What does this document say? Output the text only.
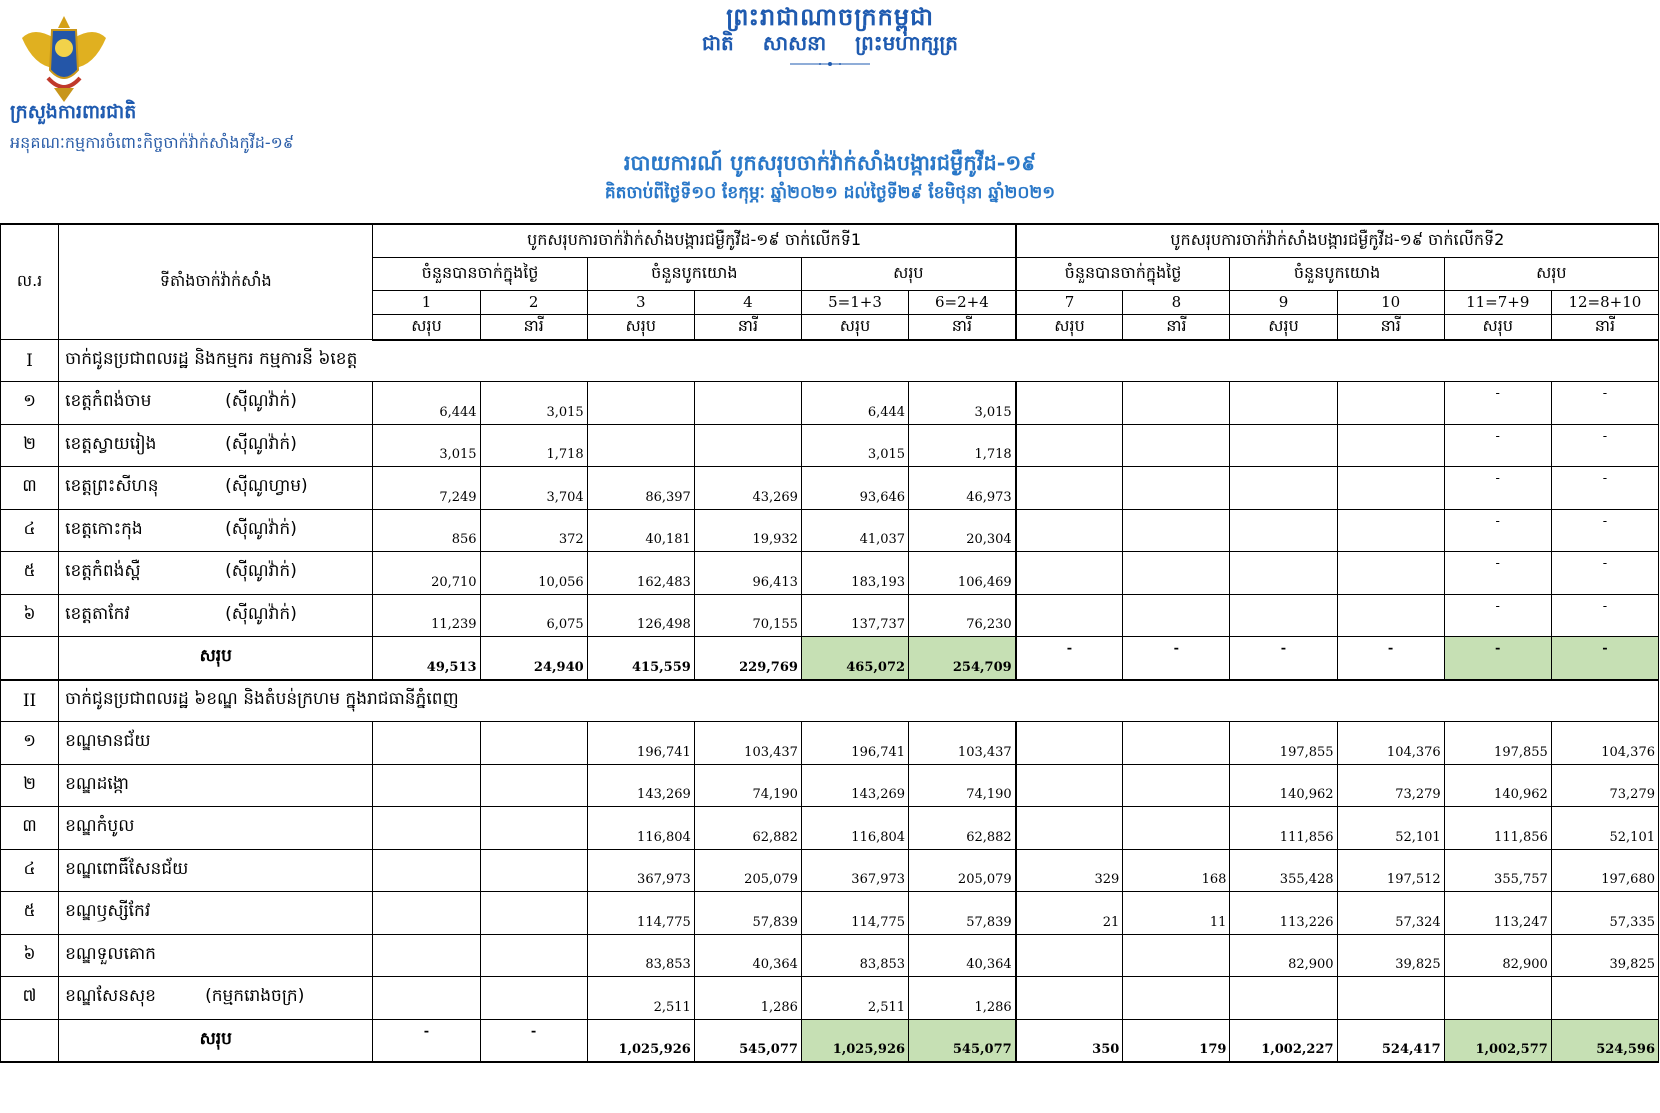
ព្រះរាជាណាចក្រកម្ពុជា
ជាតិ សាសនា ព្រះមហាក្សត្រ
ក្រសួងការពារជាតិ
អនុគណៈកម្មការចំពោះកិច្ចចាក់វ៉ាក់សាំងកូវីដ-១៩
របាយការណ៍ បូកសរុបចាក់វ៉ាក់សាំងបង្ការជម្ងឺកូវីដ-១៩
គិតចាប់ពីថ្ងៃទី១០ ខែកុម្ភៈ ឆ្នាំ២០២១ ដល់ថ្ងៃទី២៩ ខែមិថុនា ឆ្នាំ២០២១
ល.រ	ទីតាំងចាក់វ៉ាក់សាំង	បូកសរុបការចាក់វ៉ាក់សាំងបង្ការជម្ងឺកូវីដ-១៩ ចាក់លើកទី1						បូកសរុបការចាក់វ៉ាក់សាំងបង្ការជម្ងឺកូវីដ-១៩ ចាក់លើកទី2					
		ចំនួនបានចាក់ក្នុងថ្ងៃ		ចំនួនបូកយោង		សរុប		ចំនួនបានចាក់ក្នុងថ្ងៃ		ចំនួនបូកយោង		សរុប	
		1	2	3	4	5=1+3	6=2+4	7	8	9	10	11=7+9	12=8+10
		សរុប	នារី	សរុប	នារី	សរុប	នារី	សរុប	នារី	សរុប	នារី	សរុប	នារី
I	ចាក់ជូនប្រជាពលរដ្ឋ និងកម្មករ កម្មការនី ៦ខេត្ត												
១	ខេត្តកំពង់ចាម (ស៊ីណូវ៉ាក់)	6,444	3,015			6,444	3,015					-	-
២	ខេត្តស្វាយរៀង (ស៊ីណូវ៉ាក់)	3,015	1,718			3,015	1,718					-	-
៣	ខេត្តព្រះសីហនុ (ស៊ីណូហ្វាម)	7,249	3,704	86,397	43,269	93,646	46,973					-	-
៤	ខេត្តកោះកុង (ស៊ីណូវ៉ាក់)	856	372	40,181	19,932	41,037	20,304					-	-
៥	ខេត្តកំពង់ស្ពឺ (ស៊ីណូវ៉ាក់)	20,710	10,056	162,483	96,413	183,193	106,469					-	-
៦	ខេត្តតាកែវ (ស៊ីណូវ៉ាក់)	11,239	6,075	126,498	70,155	137,737	76,230					-	-
	សរុប	49,513	24,940	415,559	229,769	465,072	254,709	-	-	-	-	-	-
II	ចាក់ជូនប្រជាពលរដ្ឋ ៦ខណ្ឌ និងតំបន់ក្រហម ក្នុងរាជធានីភ្នំពេញ												
១	ខណ្ឌមានជ័យ			196,741	103,437	196,741	103,437			197,855	104,376	197,855	104,376
២	ខណ្ឌដង្កោ			143,269	74,190	143,269	74,190			140,962	73,279	140,962	73,279
៣	ខណ្ឌកំបូល			116,804	62,882	116,804	62,882			111,856	52,101	111,856	52,101
៤	ខណ្ឌពោធិ៍សែនជ័យ			367,973	205,079	367,973	205,079	329	168	355,428	197,512	355,757	197,680
៥	ខណ្ឌឫស្សីកែវ			114,775	57,839	114,775	57,839	21	11	113,226	57,324	113,247	57,335
៦	ខណ្ឌទួលគោក			83,853	40,364	83,853	40,364			82,900	39,825	82,900	39,825
៧	ខណ្ឌសែនសុខ (កម្មករោងចក្រ)			2,511	1,286	2,511	1,286						
	សរុប	-	-	1,025,926	545,077	1,025,926	545,077	350	179	1,002,227	524,417	1,002,577	524,596
